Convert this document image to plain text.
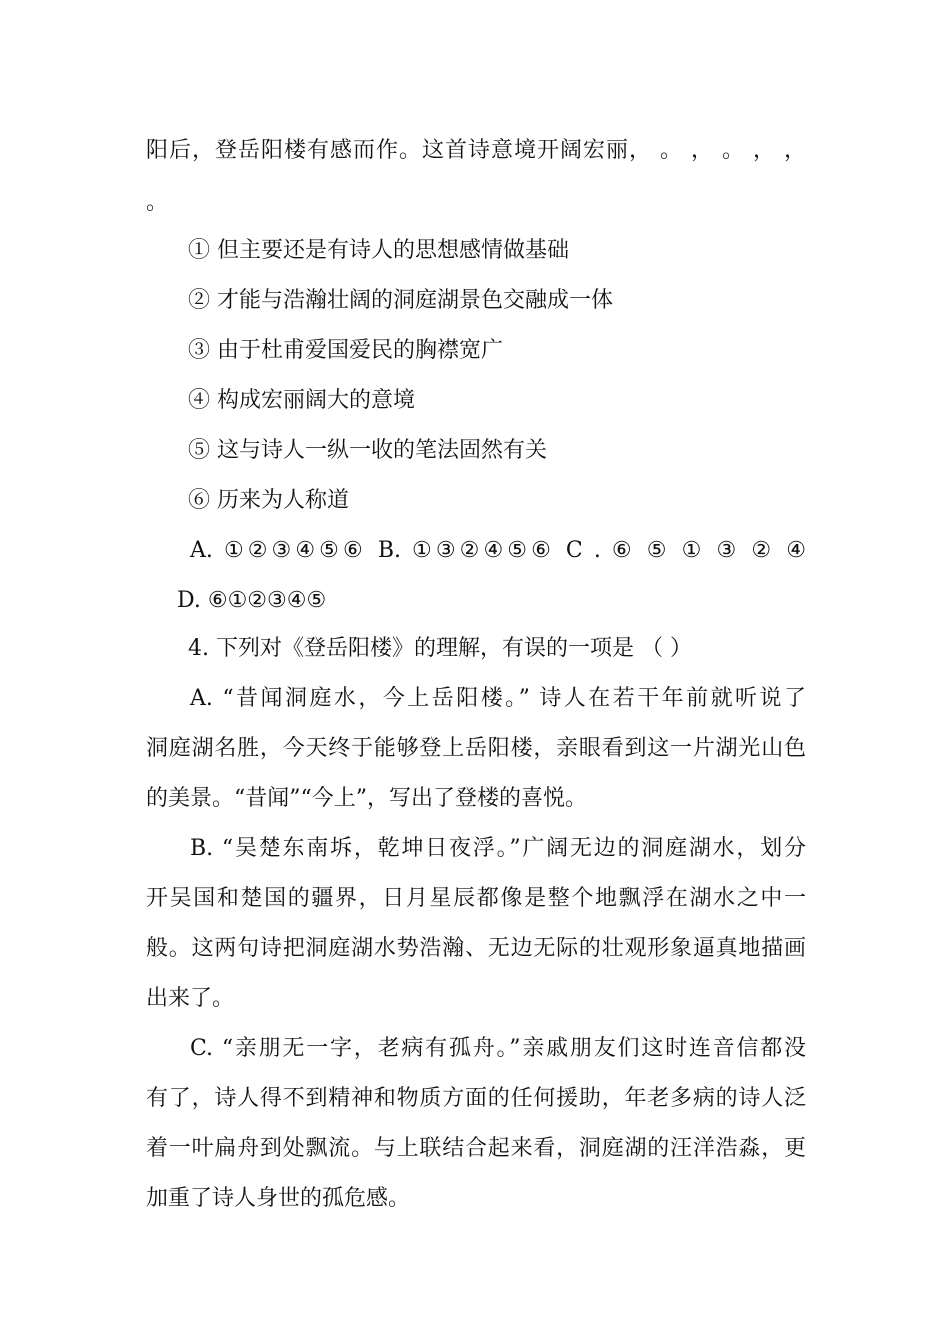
阳后，登岳阳楼有感而作。这首诗意境开阔宏丽， 。 ， 。 ， ，
。
① 但主要还是有诗人的思想感情做基础
② 才能与浩瀚壮阔的洞庭湖景色交融成一体
③ 由于杜甫爱国爱民的胸襟宽广
④ 构成宏丽阔大的意境
⑤ 这与诗人一纵一收的笔法固然有关
⑥ 历来为人称道
A. ①②③④⑤⑥ B. ①③②④⑤⑥ C . ⑥ ⑤ ① ③ ② ④
D. ⑥①②③④⑤
4. 下列对《登岳阳楼》的理解，有误的一项是 （ ）
A. “昔闻洞庭水，今上岳阳楼。” 诗人在若干年前就听说了
洞庭湖名胜，今天终于能够登上岳阳楼，亲眼看到这一片湖光山色
的美景。“昔闻”“今上”，写出了登楼的喜悦。
B. “吴楚东南坼，乾坤日夜浮。”广阔无边的洞庭湖水，划分
开吴国和楚国的疆界，日月星辰都像是整个地飘浮在湖水之中一
般。这两句诗把洞庭湖水势浩瀚、无边无际的壮观形象逼真地描画
出来了。
C. “亲朋无一字，老病有孤舟。”亲戚朋友们这时连音信都没
有了，诗人得不到精神和物质方面的任何援助，年老多病的诗人泛
着一叶扁舟到处飘流。与上联结合起来看，洞庭湖的汪洋浩淼，更
加重了诗人身世的孤危感。
